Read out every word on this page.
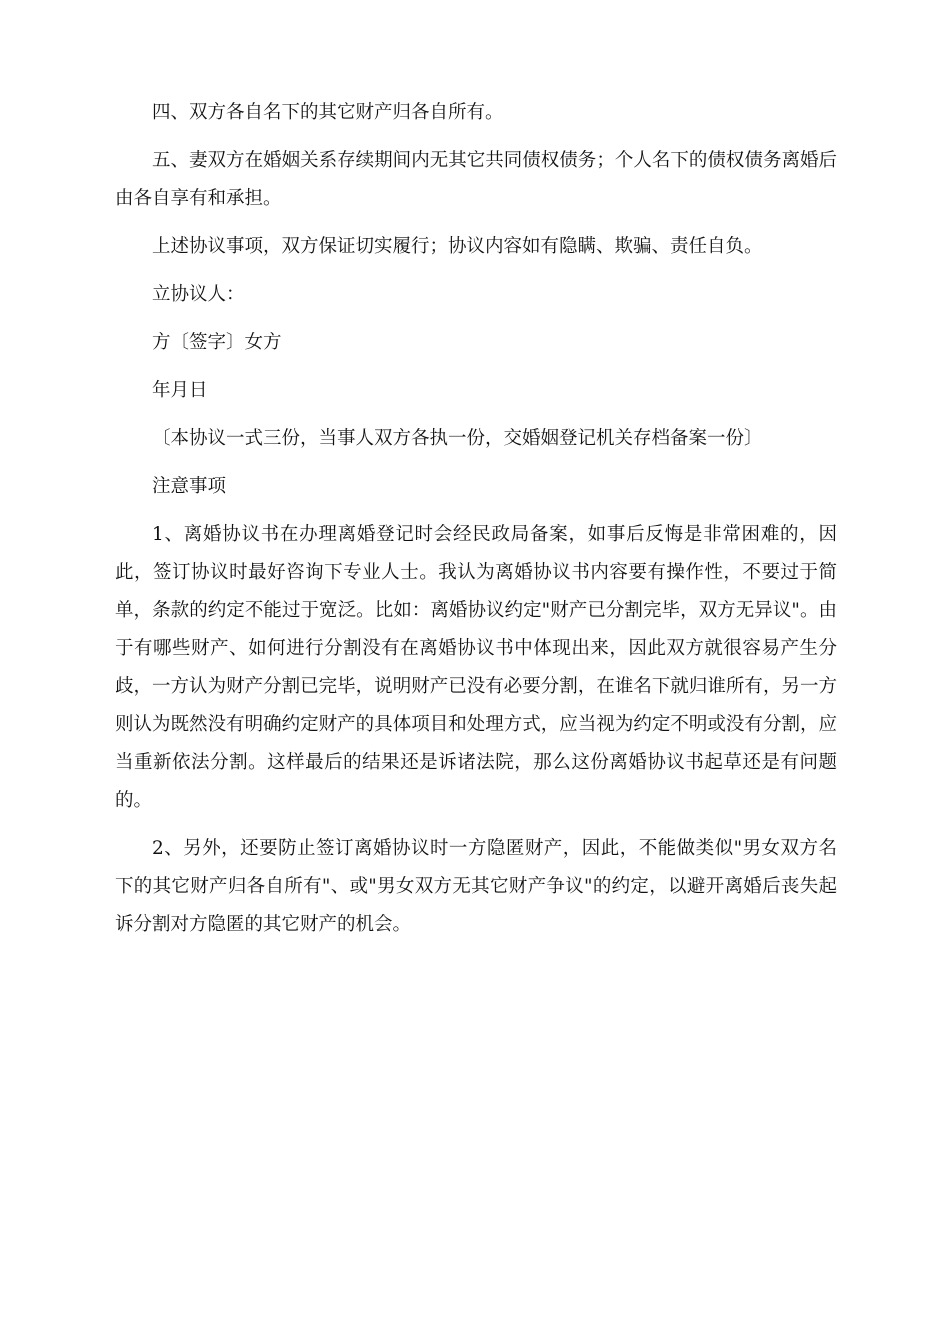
四、双方各自名下的其它财产归各自所有。

五、妻双方在婚姻关系存续期间内无其它共同债权债务；个人名下的债权债务离婚后由各自享有和承担。

上述协议事项，双方保证切实履行；协议内容如有隐瞒、欺骗、责任自负。

立协议人：

方〔签字〕女方

年月日

〔本协议一式三份，当事人双方各执一份，交婚姻登记机关存档备案一份〕

注意事项

1、离婚协议书在办理离婚登记时会经民政局备案，如事后反悔是非常困难的，因此，签订协议时最好咨询下专业人士。我认为离婚协议书内容要有操作性，不要过于简单，条款的约定不能过于宽泛。比如：离婚协议约定"财产已分割完毕，双方无异议"。由于有哪些财产、如何进行分割没有在离婚协议书中体现出来，因此双方就很容易产生分歧，一方认为财产分割已完毕，说明财产已没有必要分割，在谁名下就归谁所有，另一方则认为既然没有明确约定财产的具体项目和处理方式，应当视为约定不明或没有分割，应当重新依法分割。这样最后的结果还是诉诸法院，那么这份离婚协议书起草还是有问题的。

2、另外，还要防止签订离婚协议时一方隐匿财产，因此，不能做类似"男女双方名下的其它财产归各自所有"、或"男女双方无其它财产争议"的约定，以避开离婚后丧失起诉分割对方隐匿的其它财产的机会。
